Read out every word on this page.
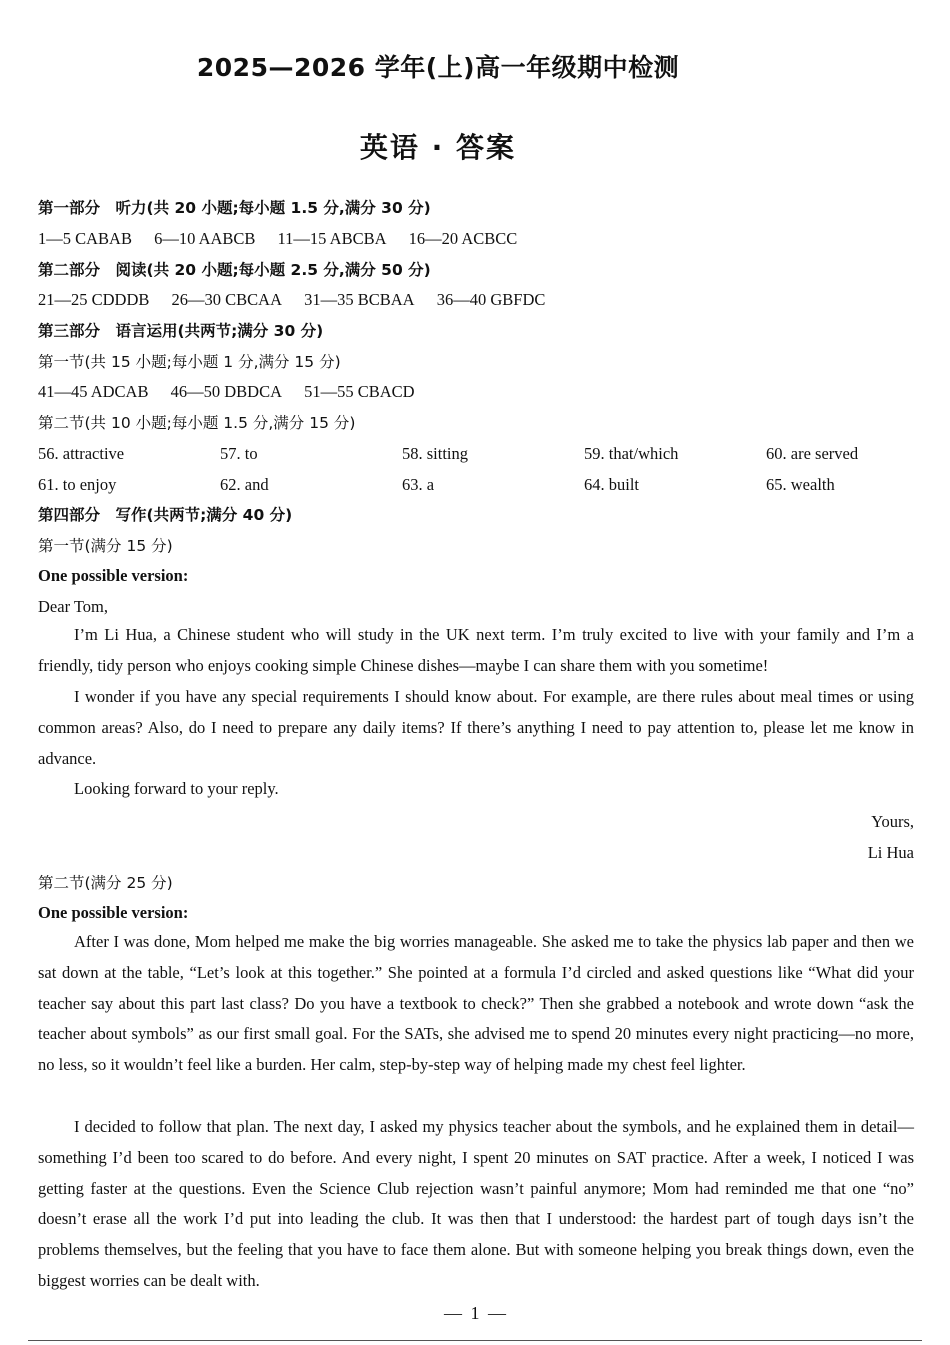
2025—2026 学年(上)高一年级期中检测
英语 · 答案
第一部分　听力(共 20 小题;每小题 1.5 分,满分 30 分)
1—5 CABAB 6—10 AABCB 11—15 ABCBA 16—20 ACBCC
第二部分　阅读(共 20 小题;每小题 2.5 分,满分 50 分)
21—25 CDDDB 26—30 CBCAA 31—35 BCBAA 36—40 GBFDC
第三部分　语言运用(共两节;满分 30 分)
第一节(共 15 小题;每小题 1 分,满分 15 分)
41—45 ADCAB 46—50 DBDCA 51—55 CBACD
第二节(共 10 小题;每小题 1.5 分,满分 15 分)
56. attractive	57. to	58. sitting	59. that/which	60. are served
61. to enjoy	62. and	63. a	64. built	65. wealth
第四部分　写作(共两节;满分 40 分)
第一节(满分 15 分)
One possible version:
Dear Tom,
I’m Li Hua, a Chinese student who will study in the UK next term. I’m truly excited to live with your family and I’m a friendly, tidy person who enjoys cooking simple Chinese dishes—maybe I can share them with you sometime!
I wonder if you have any special requirements I should know about. For example, are there rules about meal times or using common areas? Also, do I need to prepare any daily items? If there’s anything I need to pay attention to, please let me know in advance.
Looking forward to your reply.
Yours,
Li Hua
第二节(满分 25 分)
One possible version:
After I was done, Mom helped me make the big worries manageable. She asked me to take the physics lab paper and then we sat down at the table, “Let’s look at this together.” She pointed at a formula I’d circled and asked questions like “What did your teacher say about this part last class? Do you have a textbook to check?” Then she grabbed a notebook and wrote down “ask the teacher about symbols” as our first small goal. For the SATs, she advised me to spend 20 minutes every night practicing—no more, no less, so it wouldn’t feel like a burden. Her calm, step-by-step way of helping made my chest feel lighter.
I decided to follow that plan. The next day, I asked my physics teacher about the symbols, and he explained them in detail—something I’d been too scared to do before. And every night, I spent 20 minutes on SAT practice. After a week, I noticed I was getting faster at the questions. Even the Science Club rejection wasn’t painful anymore; Mom had reminded me that one “no” doesn’t erase all the work I’d put into leading the club. It was then that I understood: the hardest part of tough days isn’t the problems themselves, but the feeling that you have to face them alone. But with someone helping you break things down, even the biggest worries can be dealt with.
— 1 —
